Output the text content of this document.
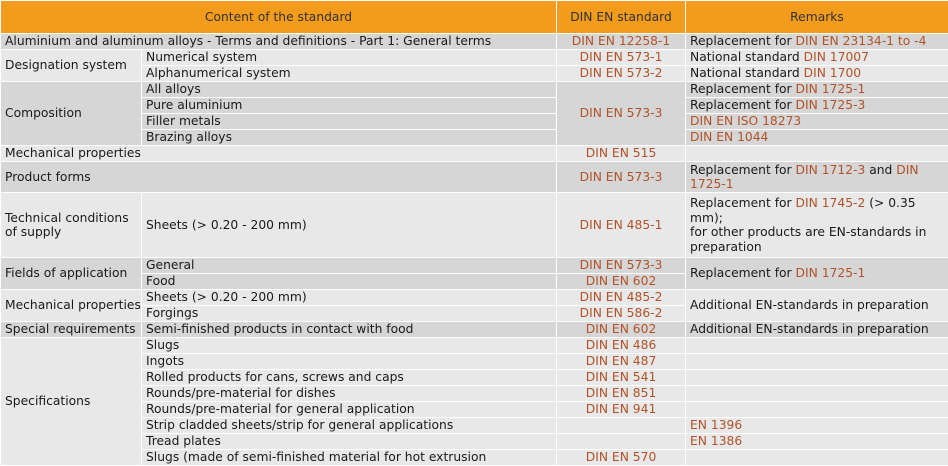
Content of the standard		DIN EN standard	Remarks
Aluminium and aluminum alloys - Terms and definitions - Part 1: General terms		DIN EN 12258-1	Replacement for DIN EN 23134-1 to -4
Designation system	Numerical system	DIN EN 573-1	National standard DIN 17007
	Alphanumerical system	DIN EN 573-2	National standard DIN 1700
Composition	All alloys	DIN EN 573-3	Replacement for DIN 1725-1
	Pure aluminium		Replacement for DIN 1725-3
	Filler metals		DIN EN ISO 18273
	Brazing alloys		DIN EN 1044
Mechanical properties		DIN EN 515	
Product forms		DIN EN 573-3	Replacement for DIN 1712-3 and DIN 1725-1
Technical conditions of supply	Sheets (> 0.20 - 200 mm)	DIN EN 485-1	Replacement for DIN 1745-2 (> 0.35 mm);
for other products are EN-standards in preparation
Fields of application	General	DIN EN 573-3	Replacement for DIN 1725-1
	Food	DIN EN 602	
Mechanical properties	Sheets (> 0.20 - 200 mm)	DIN EN 485-2	Additional EN-standards in preparation
	Forgings	DIN EN 586-2	
Special requirements	Semi-finished products in contact with food	DIN EN 602	Additional EN-standards in preparation
Specifications	Slugs	DIN EN 486	
	Ingots	DIN EN 487	
	Rolled products for cans, screws and caps	DIN EN 541	
	Rounds/pre-material for dishes	DIN EN 851	
	Rounds/pre-material for general application	DIN EN 941	
	Strip cladded sheets/strip for general applications		EN 1396
	Tread plates		EN 1386
	Slugs (made of semi-finished material for hot extrusion	DIN EN 570	
